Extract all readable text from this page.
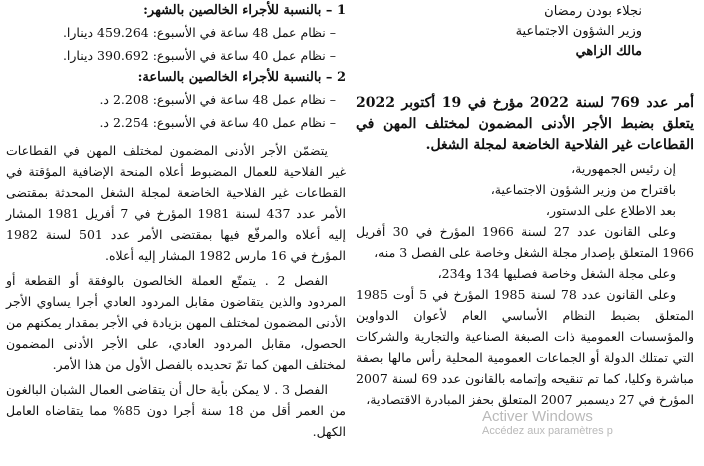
نجلاء بودن رمضان

وزير الشؤون الاجتماعية

مالك الزاهي

أمر عدد 769 لسنة 2022 مؤرخ في 19 أكتوبر 2022 يتعلق بضبط الأجر الأدنى المضمون لمختلف المهن في القطاعات غير الفلاحية الخاضعة لمجلة الشغل.

إن رئيس الجمهورية،

باقتراح من وزير الشؤون الاجتماعية،

بعد الاطلاع على الدستور،

وعلى القانون عدد 27 لسنة 1966 المؤرخ في 30 أفريل 1966 المتعلق بإصدار مجلة الشغل وخاصة على الفصل 3 منه،

وعلى مجلة الشغل وخاصة فصليها 134 و234،

وعلى القانون عدد 78 لسنة 1985 المؤرخ في 5 أوت 1985 المتعلق بضبط النظام الأساسي العام لأعوان الدواوين والمؤسسات العمومية ذات الصبغة الصناعية والتجارية والشركات التي تمتلك الدولة أو الجماعات العمومية المحلية رأس مالها بصفة مباشرة وكليا، كما تم تنقيحه وإتمامه بالقانون عدد 69 لسنة 2007 المؤرخ في 27 ديسمبر 2007 المتعلق بحفز المبادرة الاقتصادية،

1 – بالنسبة للأجراء الخالصين بالشهر:

– نظام عمل 48 ساعة في الأسبوع: 459.264 دينارا.

– نظام عمل 40 ساعة في الأسبوع: 390.692 دينارا.

2 – بالنسبة للأجراء الخالصين بالساعة:

– نظام عمل 48 ساعة في الأسبوع: 2.208 د.

– نظام عمل 40 ساعة في الأسبوع: 2.254 د.

يتضمّن الأجر الأدنى المضمون لمختلف المهن في القطاعات غير الفلاحية للعمال المضبوط أعلاه المنحة الإضافية المؤقتة في القطاعات غير الفلاحية الخاضعة لمجلة الشغل المحدثة بمقتضى الأمر عدد 437 لسنة 1981 المؤرخ في 7 أفريل 1981 المشار إليه أعلاه والمرفّع فيها بمقتضى الأمر عدد 501 لسنة 1982 المؤرخ في 16 مارس 1982 المشار إليه أعلاه.

الفصل 2 . يتمتّع العملة الخالصون بالوفقة أو القطعة أو المردود والذين يتقاضون مقابل المردود العادي أجرا يساوي الأجر الأدنى المضمون لمختلف المهن بزيادة في الأجر بمقدار يمكنهم من الحصول، مقابل المردود العادي، على الأجر الأدنى المضمون لمختلف المهن كما تمّ تحديده بالفصل الأول من هذا الأمر.

الفصل 3 . لا يمكن بأية حال أن يتقاضى العمال الشبان البالغون من العمر أقل من 18 سنة أجرا دون 85% مما يتقاضاه العامل الكهل.

Activer Windows
Accédez aux paramètres p
